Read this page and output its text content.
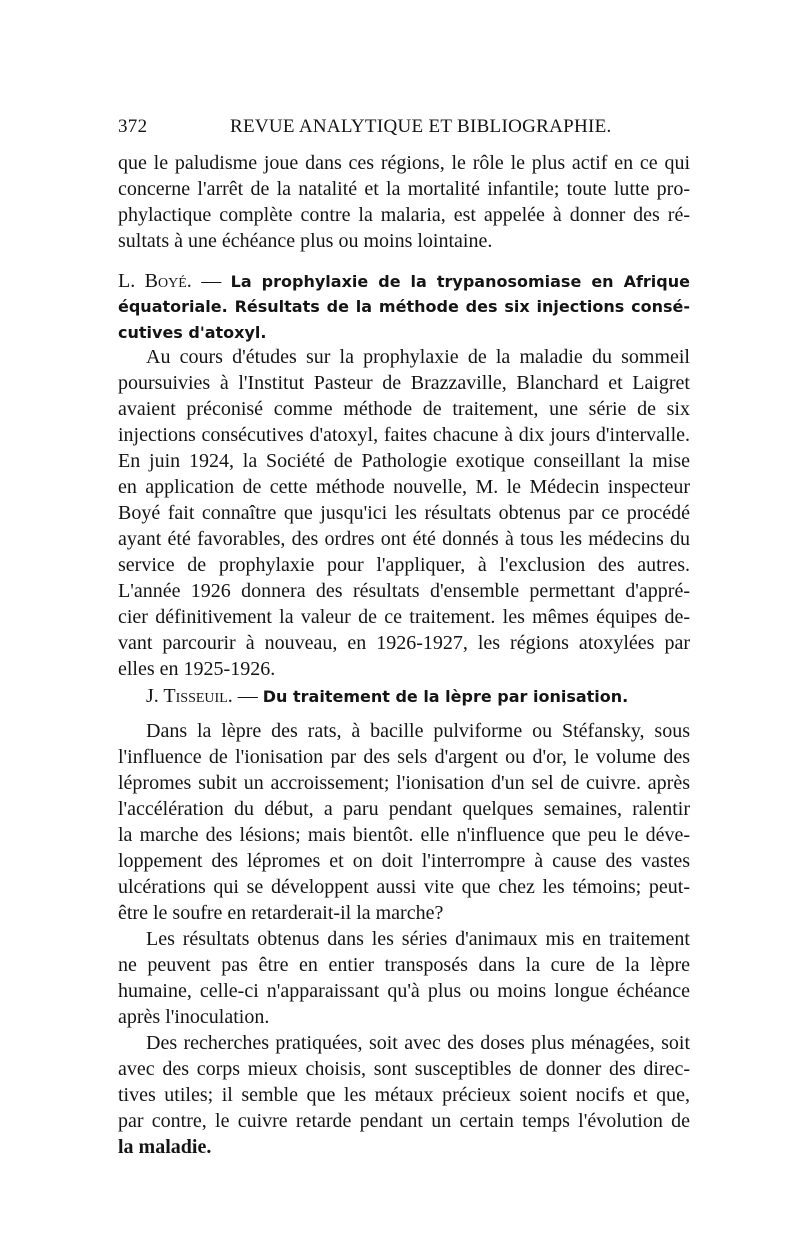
372	REVUE ANALYTIQUE ET BIBLIOGRAPHIE.
que le paludisme joue dans ces régions, le rôle le plus actif en ce qui
concerne l'arrêt de la natalité et la mortalité infantile; toute lutte pro-
phylactique complète contre la malaria, est appelée à donner des ré-
sultats à une échéance plus ou moins lointaine.
L. Boyé. — La prophylaxie de la trypanosomiase en Afrique
équatoriale. Résultats de la méthode des six injections consé-
cutives d'atoxyl.
Au cours d'études sur la prophylaxie de la maladie du sommeil
poursuivies à l'Institut Pasteur de Brazzaville, Blanchard et Laigret
avaient préconisé comme méthode de traitement, une série de six
injections consécutives d'atoxyl, faites chacune à dix jours d'intervalle.
En juin 1924, la Société de Pathologie exotique conseillant la mise
en application de cette méthode nouvelle, M. le Médecin inspecteur
Boyé fait connaître que jusqu'ici les résultats obtenus par ce procédé
ayant été favorables, des ordres ont été donnés à tous les médecins du
service de prophylaxie pour l'appliquer, à l'exclusion des autres.
L'année 1926 donnera des résultats d'ensemble permettant d'appré-
cier définitivement la valeur de ce traitement. les mêmes équipes de-
vant parcourir à nouveau, en 1926-1927, les régions atoxylées par
elles en 1925-1926.
J. Tisseuil. — Du traitement de la lèpre par ionisation.
Dans la lèpre des rats, à bacille pulviforme ou Stéfansky, sous
l'influence de l'ionisation par des sels d'argent ou d'or, le volume des
lépromes subit un accroissement; l'ionisation d'un sel de cuivre. après
l'accélération du début, a paru pendant quelques semaines, ralentir
la marche des lésions; mais bientôt. elle n'influence que peu le déve-
loppement des lépromes et on doit l'interrompre à cause des vastes
ulcérations qui se développent aussi vite que chez les témoins; peut-
être le soufre en retarderait-il la marche?
Les résultats obtenus dans les séries d'animaux mis en traitement
ne peuvent pas être en entier transposés dans la cure de la lèpre
humaine, celle-ci n'apparaissant qu'à plus ou moins longue échéance
après l'inoculation.
Des recherches pratiquées, soit avec des doses plus ménagées, soit
avec des corps mieux choisis, sont susceptibles de donner des direc-
tives utiles; il semble que les métaux précieux soient nocifs et que,
par contre, le cuivre retarde pendant un certain temps l'évolution de
la maladie.
